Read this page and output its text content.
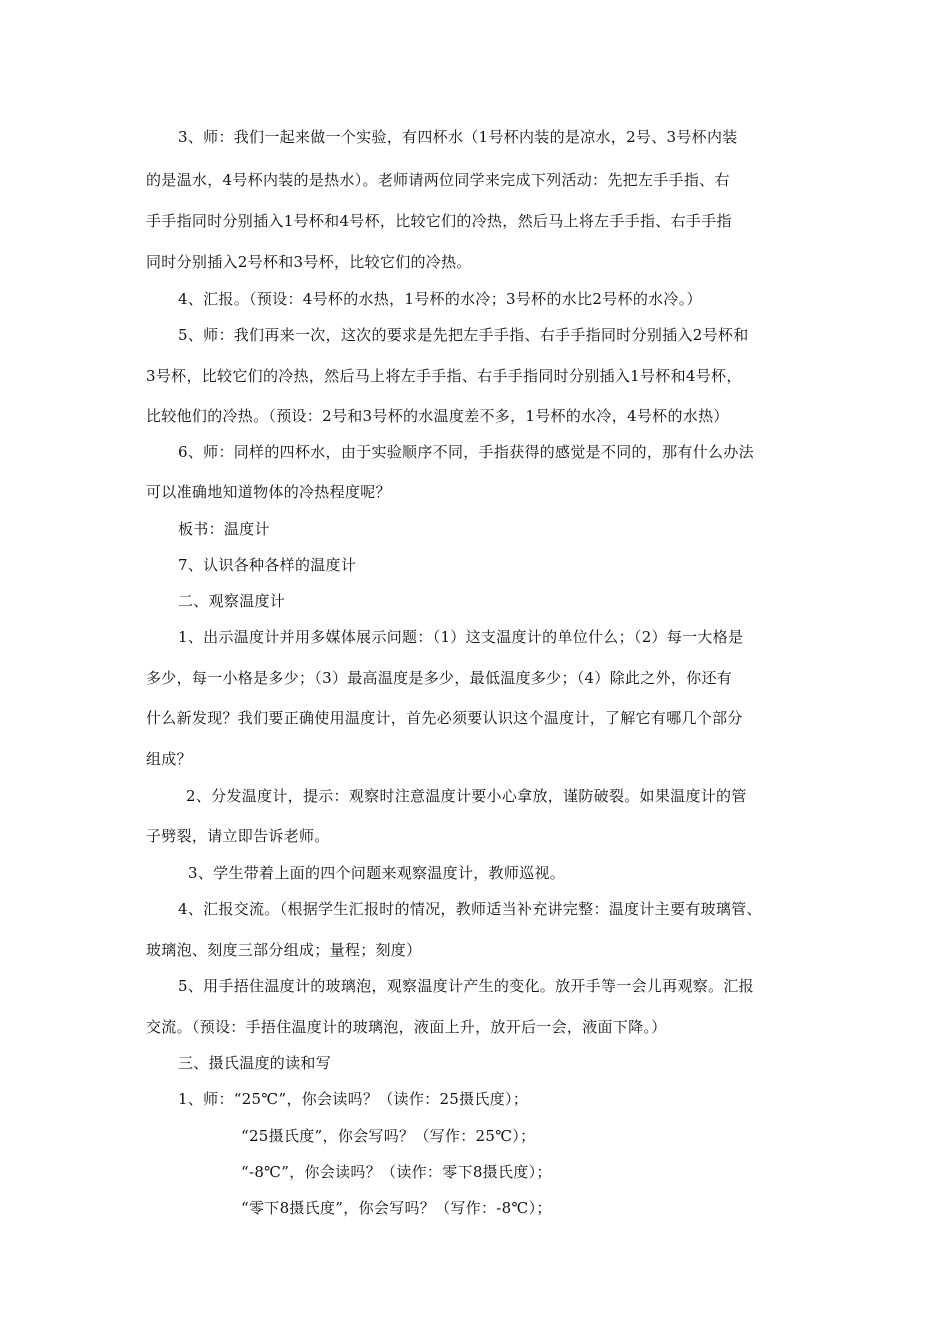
3、师：我们一起来做一个实验，有四杯水（1号杯内装的是凉水，2号、3号杯内装
的是温水，4号杯内装的是热水）。老师请两位同学来完成下列活动：先把左手手指、右
手手指同时分别插入1号杯和4号杯，比较它们的冷热，然后马上将左手手指、右手手指
同时分别插入2号杯和3号杯，比较它们的冷热。
4、汇报。（预设：4号杯的水热，1号杯的水冷；3号杯的水比2号杯的水冷。）
5、师：我们再来一次，这次的要求是先把左手手指、右手手指同时分别插入2号杯和
3号杯，比较它们的冷热，然后马上将左手手指、右手手指同时分别插入1号杯和4号杯，
比较他们的冷热。（预设：2号和3号杯的水温度差不多，1号杯的水冷，4号杯的水热）
6、师：同样的四杯水，由于实验顺序不同，手指获得的感觉是不同的，那有什么办法
可以准确地知道物体的冷热程度呢？
板书：温度计
7、认识各种各样的温度计
二、观察温度计
1、出示温度计并用多媒体展示问题：（1）这支温度计的单位什么；（2）每一大格是
多少，每一小格是多少；（3）最高温度是多少，最低温度多少；（4）除此之外，你还有
什么新发现？我们要正确使用温度计，首先必须要认识这个温度计，了解它有哪几个部分
组成？
2、分发温度计，提示：观察时注意温度计要小心拿放，谨防破裂。如果温度计的管
子劈裂，请立即告诉老师。
3、学生带着上面的四个问题来观察温度计，教师巡视。
4、汇报交流。（根据学生汇报时的情况，教师适当补充讲完整：温度计主要有玻璃管、
玻璃泡、刻度三部分组成；量程；刻度）
5、用手捂住温度计的玻璃泡，观察温度计产生的变化。放开手等一会儿再观察。汇报
交流。（预设：手捂住温度计的玻璃泡，液面上升，放开后一会，液面下降。）
三、摄氏温度的读和写
1、师：“25℃”，你会读吗？（读作：25摄氏度）；
“25摄氏度”，你会写吗？（写作：25℃）；
“-8℃”，你会读吗？（读作：零下8摄氏度）；
“零下8摄氏度”，你会写吗？（写作：-8℃）；
